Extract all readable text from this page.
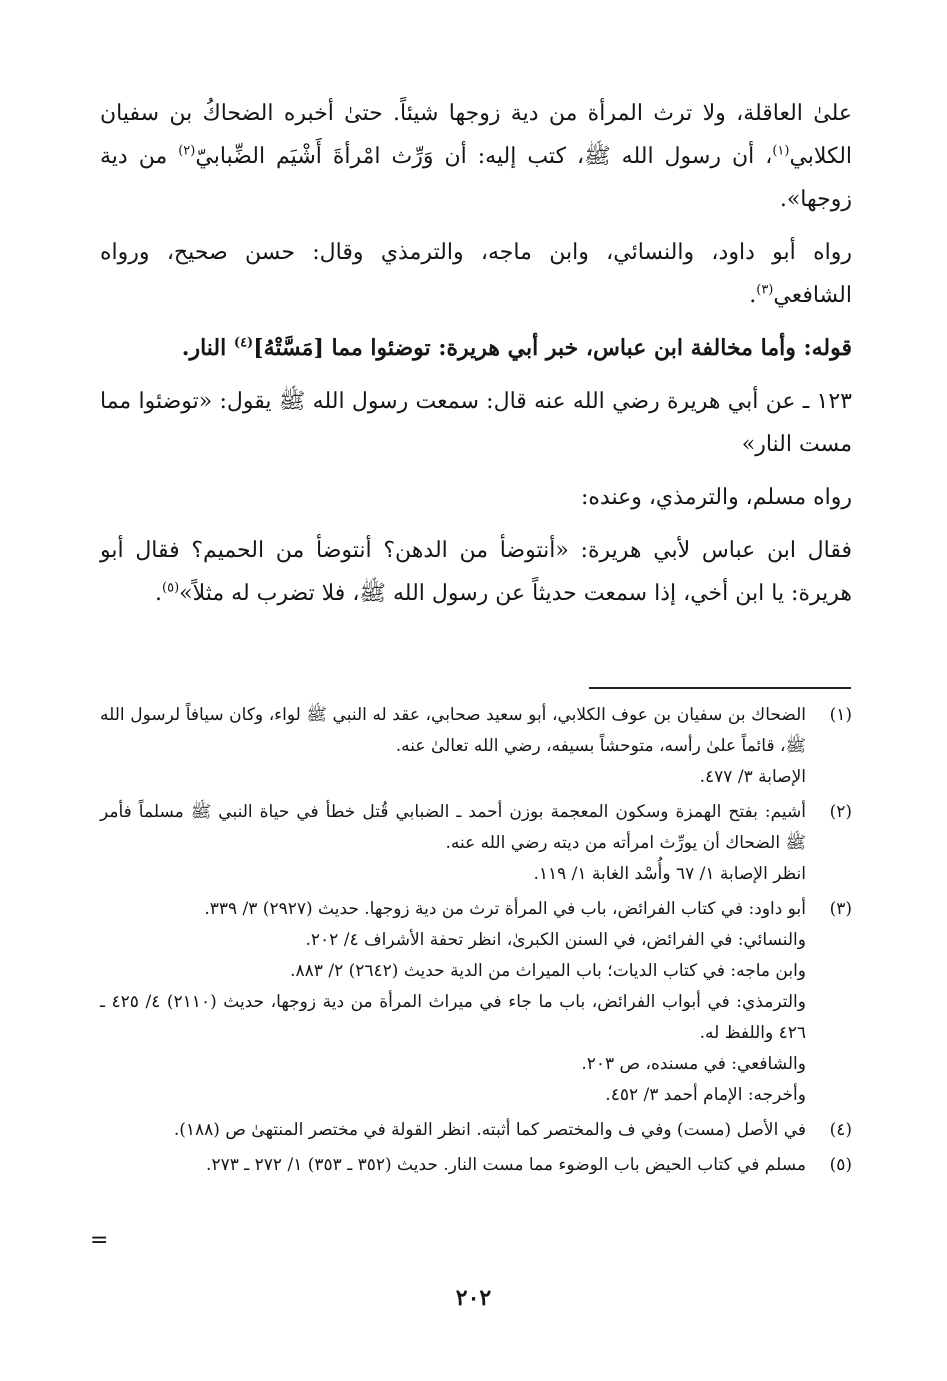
علىٰ العاقلة، ولا ترث المرأة من دية زوجها شيئاً. حتىٰ أخبره الضحاكُ بن سفيان الكلابي$^{(١)}$، أن رسول الله ﷺ، كتب إليه: أن وَرِّث امْرأةَ أَشْيَم الضِّبابيّ$^{(٢)}$ من دية زوجها».

رواه أبو داود، والنسائي، وابن ماجه، والترمذي وقال: حسن صحيح، ورواه الشافعي$^{(٣)}$.

قوله: وأما مخالفة ابن عباس، خبر أبي هريرة: توضئوا مما [مَسَّتْهُ]$^{(٤)}$ النار.

١٢٣ ـ عن أبي هريرة رضي الله عنه قال: سمعت رسول الله ﷺ يقول: «توضئوا مما مست النار»

رواه مسلم، والترمذي، وعنده:

فقال ابن عباس لأبي هريرة: «أنتوضأ من الدهن؟ أنتوضأ من الحميم؟ فقال أبو هريرة: يا ابن أخي، إذا سمعت حديثاً عن رسول الله ﷺ، فلا تضرب له مثلاً»$^{(٥)}$.

(١)
الضحاك بن سفيان بن عوف الكلابي، أبو سعيد صحابي، عقد له النبي ﷺ لواء، وكان سيافاً لرسول الله ﷺ، قائماً علىٰ رأسه، متوحشاً بسيفه، رضي الله تعالىٰ عنه.
الإصابة ٣/ ٤٧٧.
(٢)
أشيم: بفتح الهمزة وسكون المعجمة بوزن أحمد ـ الضبابي قُتل خطأ في حياة النبي ﷺ مسلماً فأمر ﷺ الضحاك أن يورِّث امرأته من ديته رضي الله عنه.
انظر الإصابة ١/ ٦٧ وأُسْد الغابة ١/ ١١٩.
(٣)
أبو داود: في كتاب الفرائض، باب في المرأة ترث من دية زوجها. حديث (٢٩٢٧) ٣/ ٣٣٩.
والنسائي: في الفرائض، في السنن الكبرىٰ، انظر تحفة الأشراف ٤/ ٢٠٢.
وابن ماجه: في كتاب الديات؛ باب الميراث من الدية حديث (٢٦٤٢) ٢/ ٨٨٣.
والترمذي: في أبواب الفرائض، باب ما جاء في ميراث المرأة من دية زوجها، حديث (٢١١٠) ٤/ ٤٢٥ ـ ٤٢٦ واللفظ له.
والشافعي: في مسنده، ص ٢٠٣.
وأخرجه: الإمام أحمد ٣/ ٤٥٢.
(٤)
في الأصل (مست) وفي ف والمختصر كما أثبته. انظر القولة في مختصر المنتهىٰ ص (١٨٨).
(٥)
مسلم في كتاب الحيض باب الوضوء مما مست النار. حديث (٣٥٢ ـ ٣٥٣) ١/ ٢٧٢ ـ ٢٧٣.
=
٢٠٢
